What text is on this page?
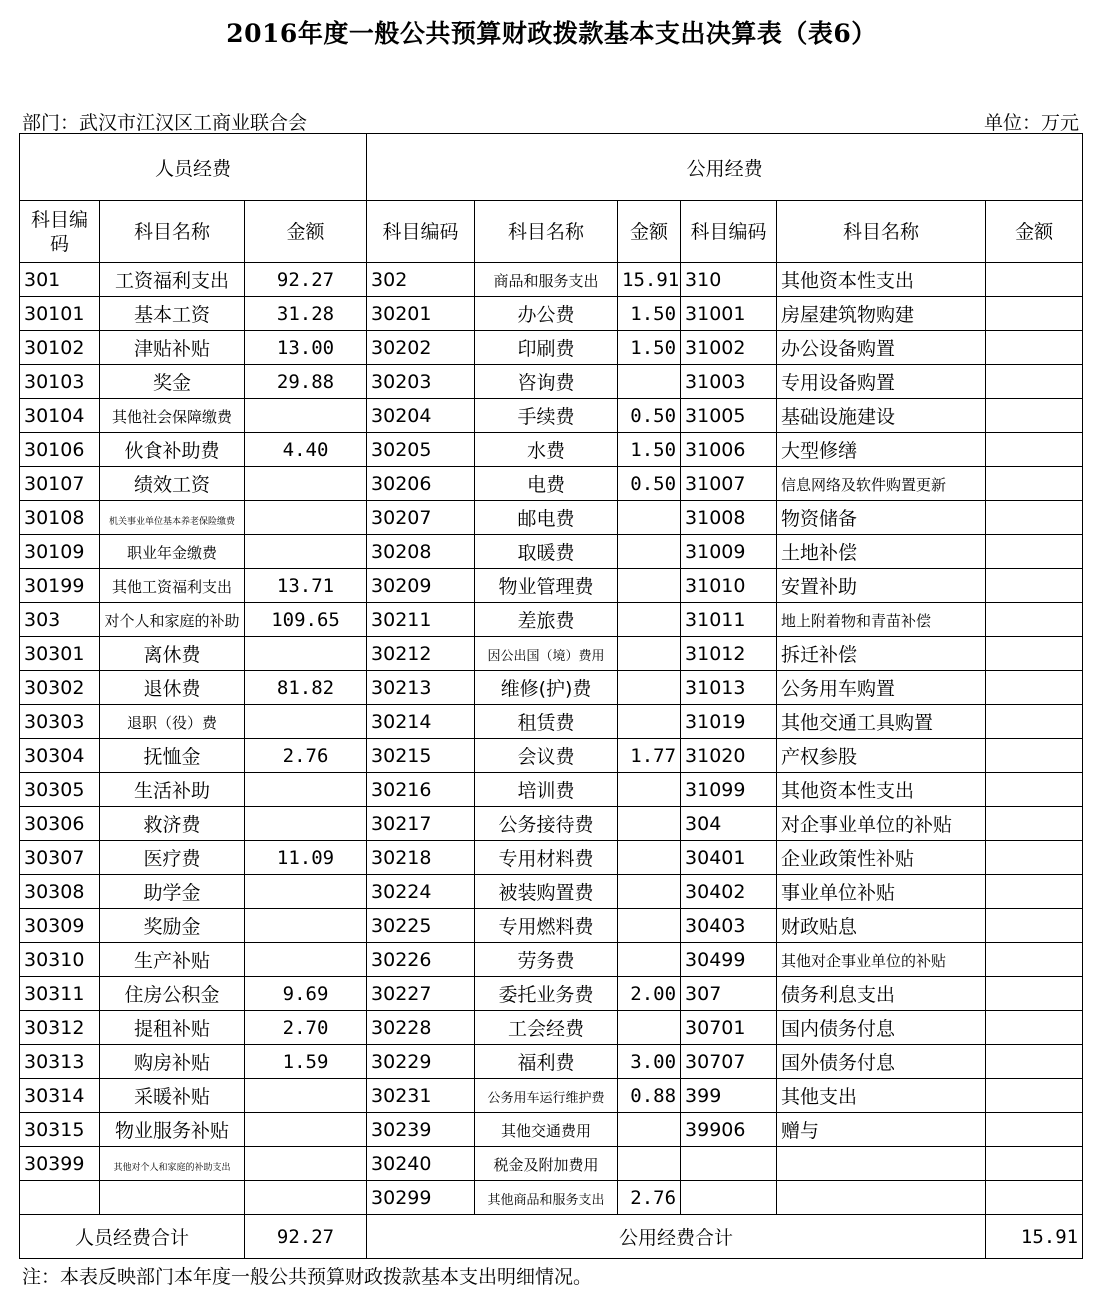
2016年度一般公共预算财政拨款基本支出决算表（表6）
部门：武汉市江汉区工商业联合会	单位：万元
人员经费			公用经费					
科目编码	科目名称	金额	科目编码	科目名称	金额	科目编码	科目名称	金额
301	工资福利支出	92.27	302	商品和服务支出	15.91	310	其他资本性支出	
30101	基本工资	31.28	30201	办公费	1.50	31001	房屋建筑物购建	
30102	津贴补贴	13.00	30202	印刷费	1.50	31002	办公设备购置	
30103	奖金	29.88	30203	咨询费		31003	专用设备购置	
30104	其他社会保障缴费		30204	手续费	0.50	31005	基础设施建设	
30106	伙食补助费	4.40	30205	水费	1.50	31006	大型修缮	
30107	绩效工资		30206	电费	0.50	31007	信息网络及软件购置更新	
30108	机关事业单位基本养老保险缴费		30207	邮电费		31008	物资储备	
30109	职业年金缴费		30208	取暖费		31009	土地补偿	
30199	其他工资福利支出	13.71	30209	物业管理费		31010	安置补助	
303	对个人和家庭的补助	109.65	30211	差旅费		31011	地上附着物和青苗补偿	
30301	离休费		30212	因公出国（境）费用		31012	拆迁补偿	
30302	退休费	81.82	30213	维修(护)费		31013	公务用车购置	
30303	退职（役）费		30214	租赁费		31019	其他交通工具购置	
30304	抚恤金	2.76	30215	会议费	1.77	31020	产权参股	
30305	生活补助		30216	培训费		31099	其他资本性支出	
30306	救济费		30217	公务接待费		304	对企事业单位的补贴	
30307	医疗费	11.09	30218	专用材料费		30401	企业政策性补贴	
30308	助学金		30224	被装购置费		30402	事业单位补贴	
30309	奖励金		30225	专用燃料费		30403	财政贴息	
30310	生产补贴		30226	劳务费		30499	其他对企事业单位的补贴	
30311	住房公积金	9.69	30227	委托业务费	2.00	307	债务利息支出	
30312	提租补贴	2.70	30228	工会经费		30701	国内债务付息	
30313	购房补贴	1.59	30229	福利费	3.00	30707	国外债务付息	
30314	采暖补贴		30231	公务用车运行维护费	0.88	399	其他支出	
30315	物业服务补贴		30239	其他交通费用		39906	赠与	
30399	其他对个人和家庭的补助支出		30240	税金及附加费用				
			30299	其他商品和服务支出	2.76			
人员经费合计		92.27	公用经费合计					15.91
注：本表反映部门本年度一般公共预算财政拨款基本支出明细情况。
